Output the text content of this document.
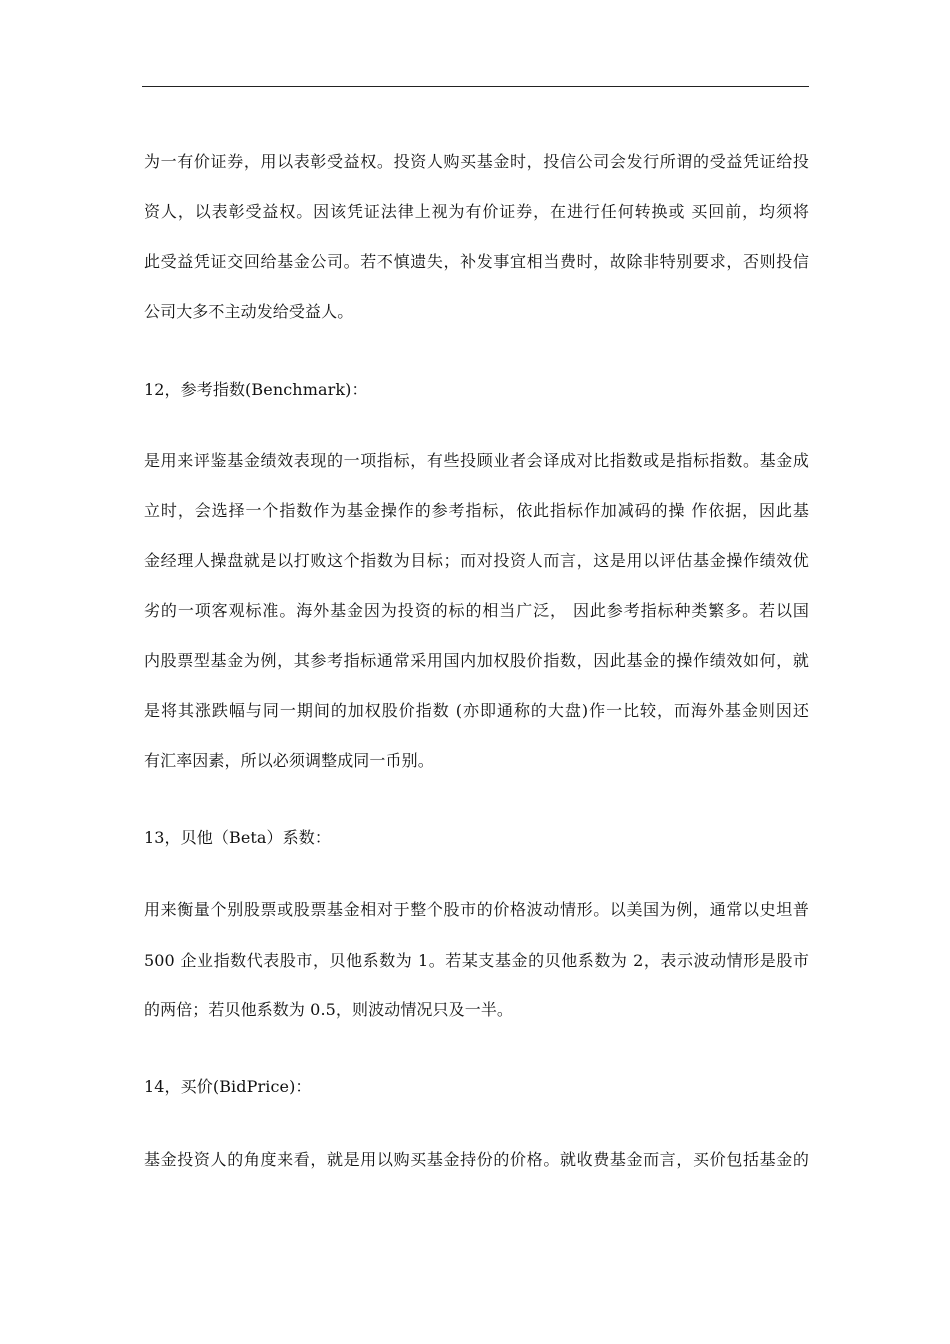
为一有价证券，用以表彰受益权。投资人购买基金时，投信公司会发行所谓的受益凭证给投
资人，以表彰受益权。因该凭证法律上视为有价证券，在进行任何转换或 买回前，均须将
此受益凭证交回给基金公司。若不慎遗失，补发事宜相当费时，故除非特别要求，否则投信
公司大多不主动发给受益人。
12，参考指数(Benchmark)：
是用来评鉴基金绩效表现的一项指标，有些投顾业者会译成对比指数或是指标指数。基金成
立时，会选择一个指数作为基金操作的参考指标，依此指标作加减码的操 作依据，因此基
金经理人操盘就是以打败这个指数为目标；而对投资人而言，这是用以评估基金操作绩效优
劣的一项客观标准。海外基金因为投资的标的相当广泛， 因此参考指标种类繁多。若以国
内股票型基金为例，其参考指标通常采用国内加权股价指数，因此基金的操作绩效如何，就
是将其涨跌幅与同一期间的加权股价指数 (亦即通称的大盘)作一比较，而海外基金则因还
有汇率因素，所以必须调整成同一币别。
13，贝他（Beta）系数：
用来衡量个别股票或股票基金相对于整个股市的价格波动情形。以美国为例，通常以史坦普
500 企业指数代表股市，贝他系数为 1。若某支基金的贝他系数为 2，表示波动情形是股市
的两倍；若贝他系数为 0.5，则波动情况只及一半。
14，买价(BidPrice)：
基金投资人的角度来看，就是用以购买基金持份的价格。就收费基金而言，买价包括基金的
